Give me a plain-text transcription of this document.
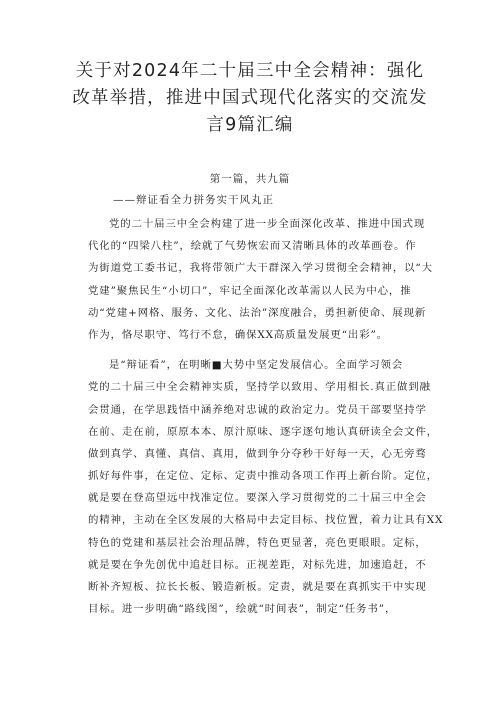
关于对2024年二十届三中全会精神：强化
改革举措，推进中国式现代化落实的交流发
言9篇汇编
第一篇，共九篇
——辩证看全力拼务实干风丸正
党的二十届三中全会构建了进一步全面深化改革、推进中国式现
代化的“四梁八柱”，绘就了气势恢宏而又清晰具体的改革画卷。作
为街道党工委书记，我将带领广大干群深入学习贯彻全会精神，以“大
党建”聚焦民生“小切口”，牢记全面深化改革需以人民为中心，推
动“党建+网格、服务、文化、法治”深度融合，勇担新使命、展现新
作为，恪尽职守、笃行不怠，确保XX高质量发展更“出彩”。
是“辩证看”，在明晰■大势中坚定发展信心。全面学习领会
党的二十届三中全会精神实质，坚持学以致用、学用相长.真正做到融
会贯通，在学思践悟中涵养绝对忠诚的政治定力。党员干部要坚持学
在前、走在前，原原本本、原汁原味、逐字逐句地认真研读全会文件，
做到真学、真懂、真信、真用，做到争分夺秒干好每一天，心无旁骛
抓好每件事，在定位、定标、定责中推动各项工作再上新台阶。定位，
就是要在登高望远中找准定位。要深入学习贯彻党的二十届三中全会
的精神，主动在全区发展的大格局中去定目标、找位置，着力让具有XX
特色的党建和基层社会治理品牌，特色更显著，亮色更眼眼。定标，
就是要在争先创优中追赶目标。正视差距，对标先进，加速追赶，不
断补齐短板、拉长长板、锻造新板。定责，就是要在真抓实干中实现
目标。进一步明确“路线图”，绘就“时间表”，制定“任务书”，
